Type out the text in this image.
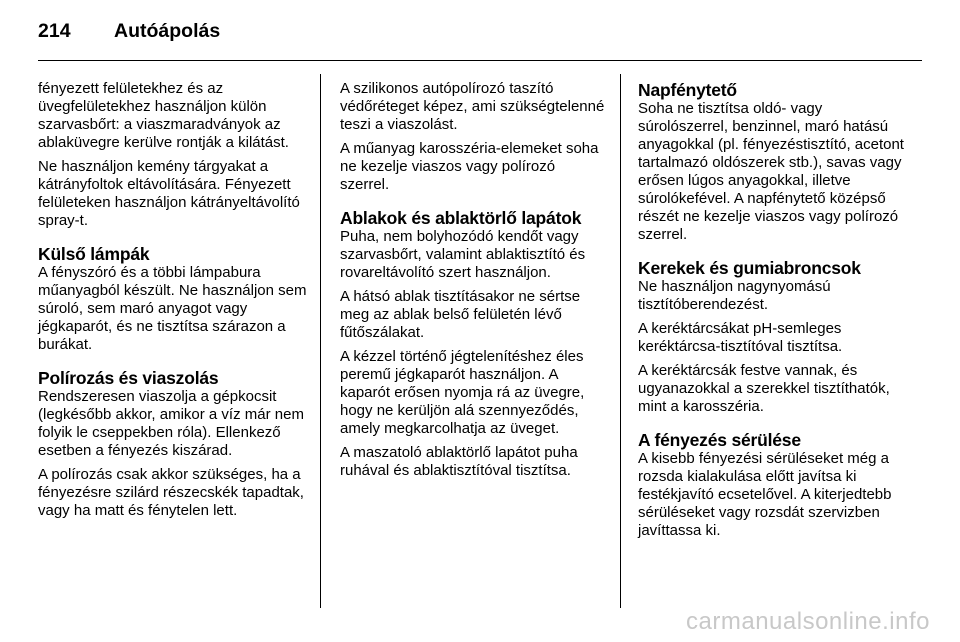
214	Autóápolás

fényezett felületekhez és az üvegfelületekhez használjon külön szarvasbőrt: a viaszmaradványok az ablaküvegre kerülve rontják a kilátást.

Ne használjon kemény tárgyakat a kátrányfoltok eltávolítására. Fényezett felületeken használjon kátrányeltávolító spray-t.

Külső lámpák

A fényszóró és a többi lámpabura műanyagból készült. Ne használjon sem súroló, sem maró anyagot vagy jégkaparót, és ne tisztítsa szárazon a burákat.

Polírozás és viaszolás

Rendszeresen viaszolja a gépkocsit (legkésőbb akkor, amikor a víz már nem folyik le cseppekben róla). Ellenkező esetben a fényezés kiszárad.

A polírozás csak akkor szükséges, ha a fényezésre szilárd részecskék tapadtak, vagy ha matt és fénytelen lett.

A szilikonos autópolírozó taszító védőréteget képez, ami szükségtelenné teszi a viaszolást.

A műanyag karosszéria-elemeket soha ne kezelje viaszos vagy polírozó szerrel.

Ablakok és ablaktörlő lapátok

Puha, nem bolyhozódó kendőt vagy szarvasbőrt, valamint ablaktisztító és rovareltávolító szert használjon.

A hátsó ablak tisztításakor ne sértse meg az ablak belső felületén lévő fűtőszálakat.

A kézzel történő jégtelenítéshez éles peremű jégkaparót használjon. A kaparót erősen nyomja rá az üvegre, hogy ne kerüljön alá szennyeződés, amely megkarcolhatja az üveget.

A maszatoló ablaktörlő lapátot puha ruhával és ablaktisztítóval tisztítsa.

Napfénytető

Soha ne tisztítsa oldó- vagy súrolószerrel, benzinnel, maró hatású anyagokkal (pl. fényezéstisztító, acetont tartalmazó oldószerek stb.), savas vagy erősen lúgos anyagokkal, illetve súrolókefével. A napfénytető középső részét ne kezelje viaszos vagy polírozó szerrel.

Kerekek és gumiabroncsok

Ne használjon nagynyomású tisztítóberendezést.

A keréktárcsákat pH-semleges keréktárcsa-tisztítóval tisztítsa.

A keréktárcsák festve vannak, és ugyanazokkal a szerekkel tisztíthatók, mint a karosszéria.

A fényezés sérülése

A kisebb fényezési sérüléseket még a rozsda kialakulása előtt javítsa ki festékjavító ecsetelővel. A kiterjedtebb sérüléseket vagy rozsdát szervizben javíttassa ki.

carmanualsonline.info
